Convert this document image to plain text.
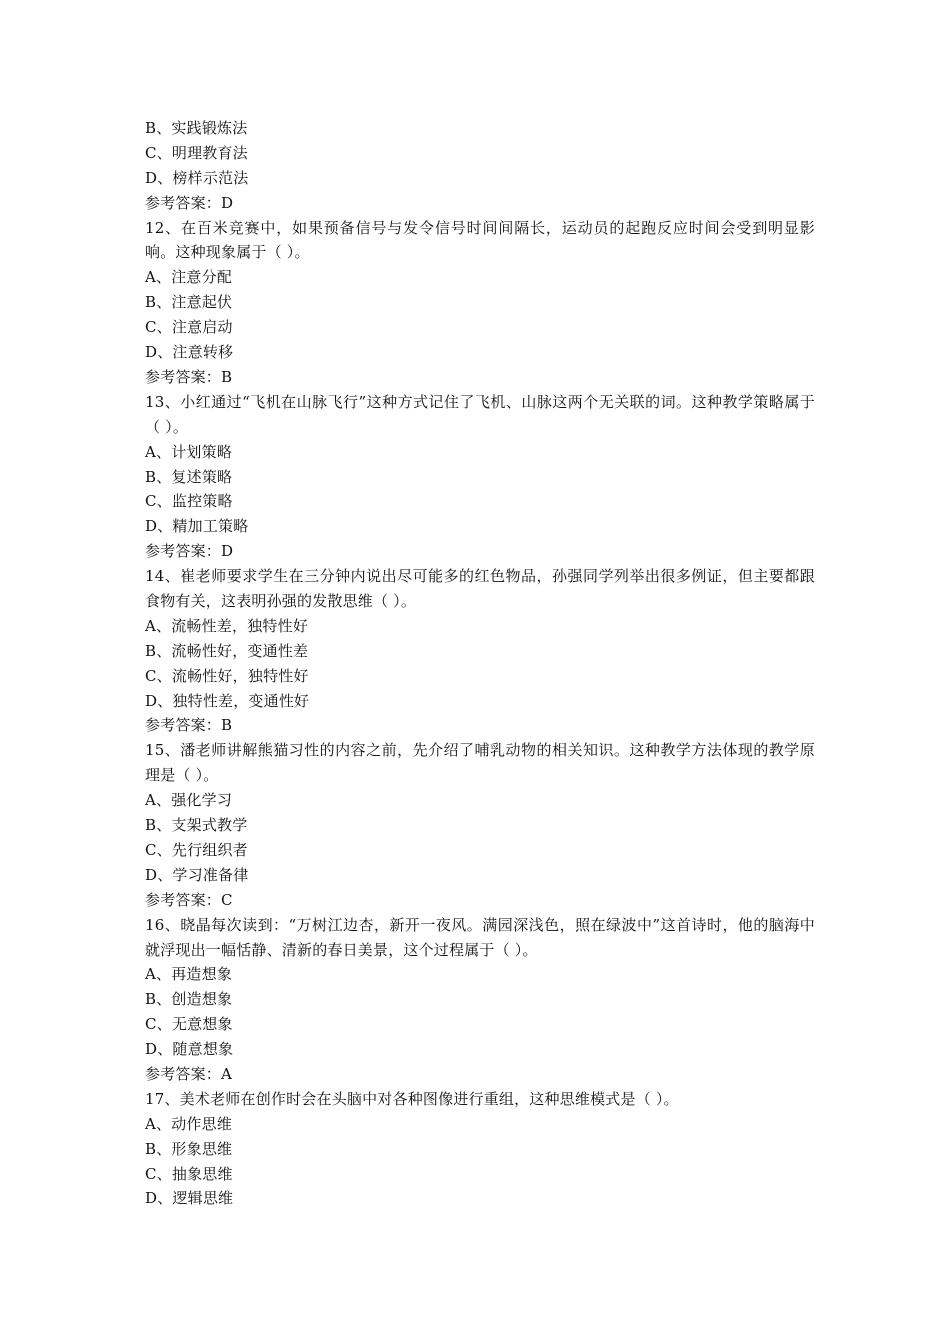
B、实践锻炼法
C、明理教育法
D、榜样示范法
参考答案：D
12、在百米竞赛中，如果预备信号与发令信号时间间隔长，运动员的起跑反应时间会受到明显影响。这种现象属于（ ）。
A、注意分配
B、注意起伏
C、注意启动
D、注意转移
参考答案：B
13、小红通过“飞机在山脉飞行”这种方式记住了飞机、山脉这两个无关联的词。这种教学策略属于（ ）。
A、计划策略
B、复述策略
C、监控策略
D、精加工策略
参考答案：D
14、崔老师要求学生在三分钟内说出尽可能多的红色物品，孙强同学列举出很多例证，但主要都跟食物有关，这表明孙强的发散思维（ ）。
A、流畅性差，独特性好
B、流畅性好，变通性差
C、流畅性好，独特性好
D、独特性差，变通性好
参考答案：B
15、潘老师讲解熊猫习性的内容之前，先介绍了哺乳动物的相关知识。这种教学方法体现的教学原理是（ ）。
A、强化学习
B、支架式教学
C、先行组织者
D、学习准备律
参考答案：C
16、晓晶每次读到：“万树江边杏，新开一夜风。满园深浅色，照在绿波中”这首诗时，他的脑海中就浮现出一幅恬静、清新的春日美景，这个过程属于（ ）。
A、再造想象
B、创造想象
C、无意想象
D、随意想象
参考答案：A
17、美术老师在创作时会在头脑中对各种图像进行重组，这种思维模式是（ ）。
A、动作思维
B、形象思维
C、抽象思维
D、逻辑思维
